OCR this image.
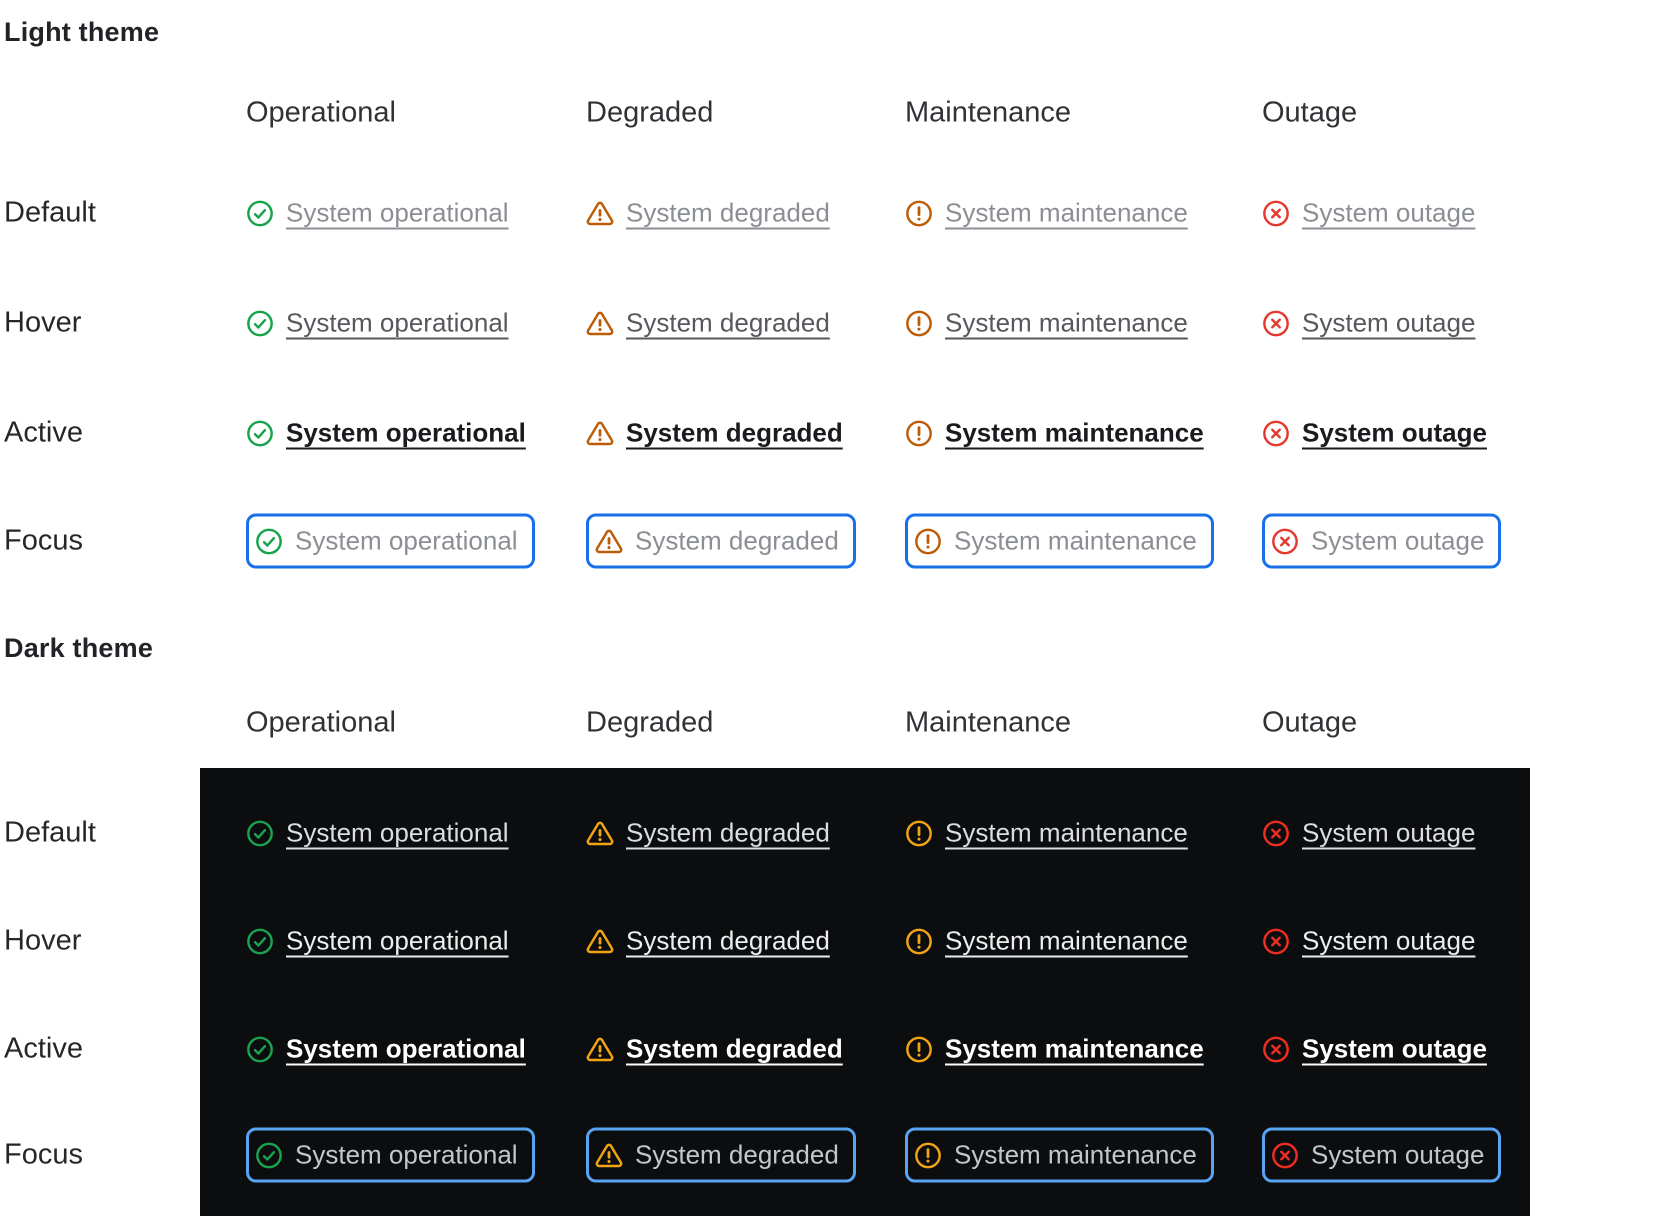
Light theme
Dark theme
Operational	Degraded	Maintenance	Outage
Default	System operational	System degraded	System maintenance	System outage
Hover	System operational	System degraded	System maintenance	System outage
Active	System operational	System degraded	System maintenance	System outage
Focus	System operational	System degraded	System maintenance	System outage
Operational	Degraded	Maintenance	Outage
Default	System operational	System degraded	System maintenance	System outage
Hover	System operational	System degraded	System maintenance	System outage
Active	System operational	System degraded	System maintenance	System outage
Focus	System operational	System degraded	System maintenance	System outage
